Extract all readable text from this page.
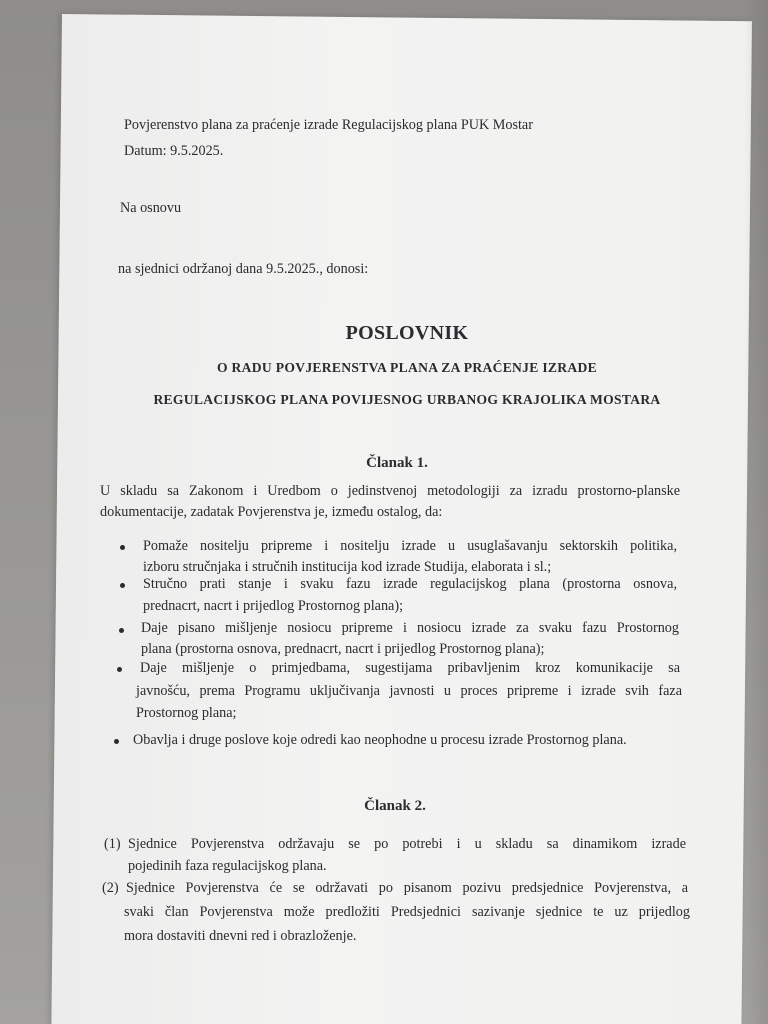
Povjerenstvo plana za praćenje izrade Regulacijskog plana PUK Mostar
Datum: 9.5.2025.
Na osnovu
na sjednici održanoj dana 9.5.2025., donosi:
POSLOVNIK
O RADU POVJERENSTVA PLANA ZA PRAĆENJE IZRADE
REGULACIJSKOG PLANA POVIJESNOG URBANOG KRAJOLIKA MOSTARA
Članak 1.
U skladu sa Zakonom i Uredbom o jedinstvenoj metodologiji za izradu prostorno-planske
dokumentacije, zadatak Povjerenstva je, između ostalog, da:
Pomaže nositelju pripreme i nositelju izrade u usuglašavanju sektorskih politika,
izboru stručnjaka i stručnih institucija kod izrade Studija, elaborata i sl.;
Stručno prati stanje i svaku fazu izrade regulacijskog plana (prostorna osnova,
prednacrt, nacrt i prijedlog Prostornog plana);
Daje pisano mišljenje nosiocu pripreme i nosiocu izrade za svaku fazu Prostornog
plana (prostorna osnova, prednacrt, nacrt i prijedlog Prostornog plana);
Daje mišljenje o primjedbama, sugestijama pribavljenim kroz komunikacije sa
javnošću, prema Programu uključivanja javnosti u proces pripreme i izrade svih faza
Prostornog plana;
Obavlja i druge poslove koje odredi kao neophodne u procesu izrade Prostornog plana.
Članak 2.
(1) Sjednice Povjerenstva održavaju se po potrebi i u skladu sa dinamikom izrade
pojedinih faza regulacijskog plana.
(2) Sjednice Povjerenstva će se održavati po pisanom pozivu predsjednice Povjerenstva, a
svaki član Povjerenstva može predložiti Predsjednici sazivanje sjednice te uz prijedlog
mora dostaviti dnevni red i obrazloženje.
